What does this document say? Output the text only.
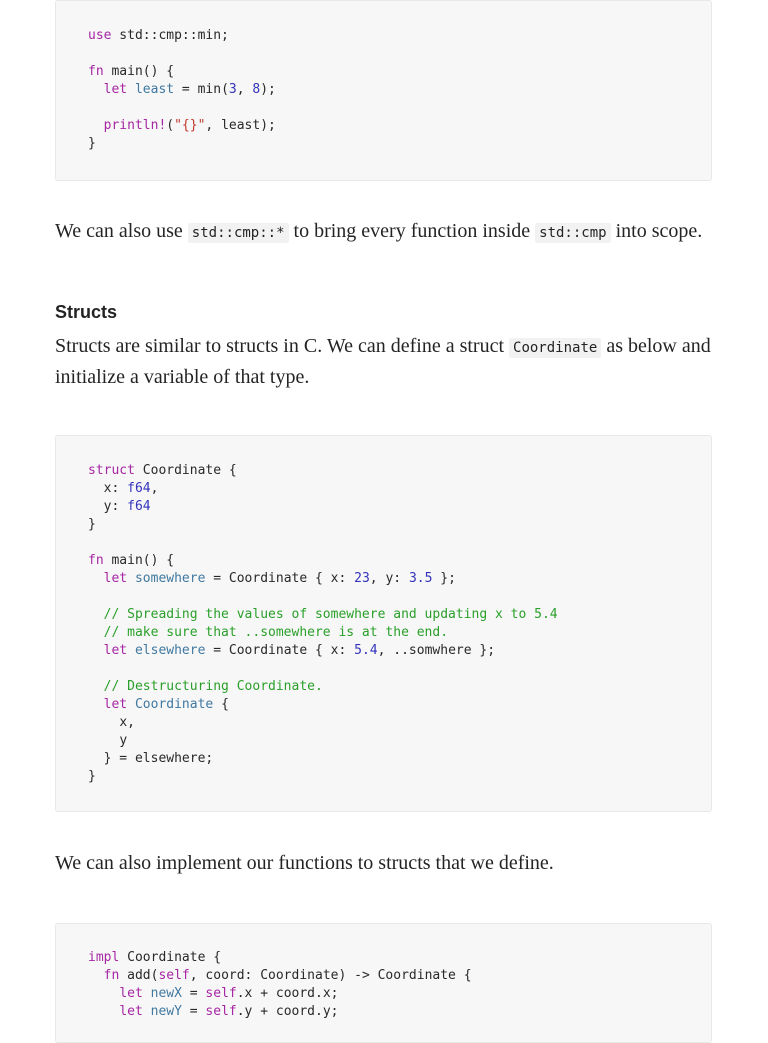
use std::cmp::min;

fn main() {
let least = min(3, 8);

println!("{}", least);
}

We can also use std::cmp::* to bring every function inside std::cmp into scope.

Structs

Structs are similar to structs in C. We can define a struct Coordinate as below and initialize a variable of that type.

struct Coordinate {
x: f64,
y: f64
}

fn main() {
let somewhere = Coordinate { x: 23, y: 3.5 };

// Spreading the values of somewhere and updating x to 5.4
// make sure that ..somewhere is at the end.
let elsewhere = Coordinate { x: 5.4, ..somwhere };

// Destructuring Coordinate.
let Coordinate {
x,
y
} = elsewhere;
}

We can also implement our functions to structs that we define.

impl Coordinate {
fn add(self, coord: Coordinate) -> Coordinate {
let newX = self.x + coord.x;
let newY = self.y + coord.y;
